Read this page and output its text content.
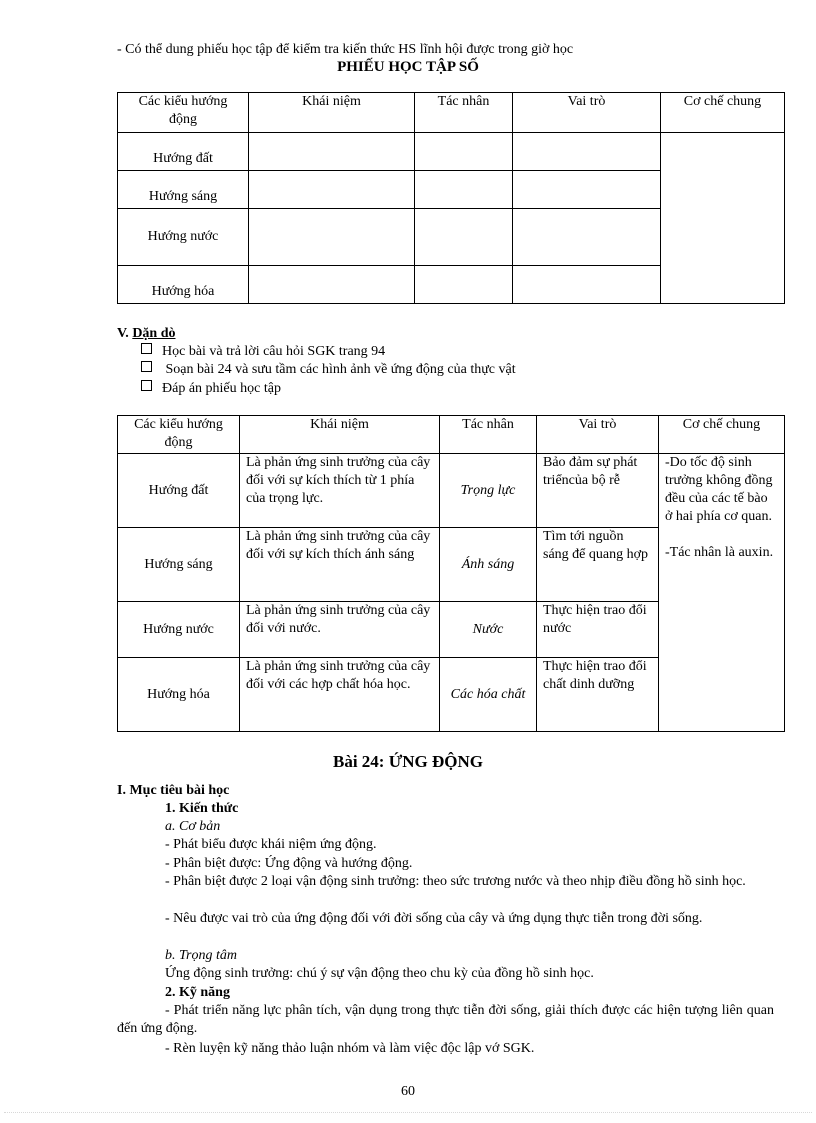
- Có thể dung phiếu học tập để kiểm tra kiến thức HS lĩnh hội được trong giờ học
PHIẾU HỌC TẬP SỐ
Các kiểu hướng động	Khái niệm	Tác nhân	Vai trò	Cơ chế chung
Hướng đất				
Hướng sáng				
Hướng nước				
Hướng hóa				
V. Dặn dò
Học bài và trả lời câu hỏi SGK trang 94
Soạn bài 24 và sưu tầm các hình ảnh về ứng động của thực vật
Đáp án phiếu học tập
Các kiểu hướng động	Khái niệm	Tác nhân	Vai trò	Cơ chế chung
Hướng đất	Là phản ứng sinh trưởng của cây đối với sự kích thích từ 1 phía của trọng lực.	Trọng lực	Bảo đảm sự phát triểncủa bộ rễ	-Do tốc độ sinh trưởng không đồng đều của các tế bào ở hai phía cơ quan.
-Tác nhân là auxin.

Hướng sáng	Là phản ứng sinh trưởng của cây đối với sự kích thích ánh sáng	Ánh sáng	Tìm tới nguồn sáng để quang hợp	
Hướng nước	Là phản ứng sinh trưởng của cây đối với nước.	Nước	Thực hiện trao đổi nước	
Hướng hóa	Là phản ứng sinh trưởng của cây đối với các hợp chất hóa học.	Các hóa chất	Thực hiện trao đổi chất dinh dưỡng	
Bài 24: ỨNG ĐỘNG
I. Mục tiêu bài học
1. Kiến thức
a. Cơ bản
- Phát biểu được khái niệm ứng động.
- Phân biệt được: Ứng động và hướng động.
- Phân biệt được 2 loại vận động sinh trưởng: theo sức trương nước và theo nhịp điều đồng hồ sinh học.
- Nêu được vai trò của ứng động đối với đời sống của cây và ứng dụng thực tiễn trong đời sống.
b. Trọng tâm
Ứng động sinh trưởng: chú ý sự vận động theo chu kỳ của đồng hồ sinh học.
2. Kỹ năng
- Phát triển năng lực phân tích, vận dụng trong thực tiễn đời sống, giải thích được các hiện tượng liên quan đến ứng động.
- Rèn luyện kỹ năng thảo luận nhóm và làm việc độc lập vớ SGK.
60
